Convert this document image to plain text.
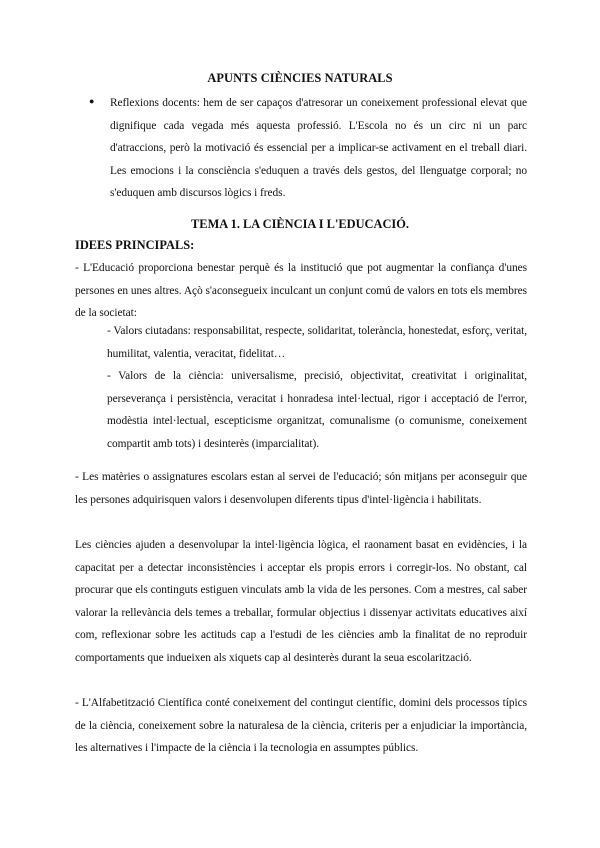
APUNTS CIÈNCIES NATURALS
● Reflexions docents: hem de ser capaços d'atresorar un coneixement professional elevat que dignifique cada vegada més aquesta professió. L'Escola no és un circ ni un parc d'atraccions, però la motivació és essencial per a implicar-se activament en el treball diari. Les emocions i la consciència s'eduquen a través dels gestos, del llenguatge corporal; no s'eduquen amb discursos lògics i freds.
TEMA 1. LA CIÈNCIA I L'EDUCACIÓ.
IDEES PRINCIPALS:

- L'Educació proporciona benestar perquè és la institució que pot augmentar la confiança d'unes persones en unes altres. Açò s'aconsegueix inculcant un conjunt comú de valors en tots els membres de la societat:

- Valors ciutadans: responsabilitat, respecte, solidaritat, tolerància, honestedat, esforç, veritat, humilitat, valentia, veracitat, fidelitat…

- Valors de la ciència: universalisme, precisió, objectivitat, creativitat i originalitat, perseverança i persistència, veracitat i honradesa intel·lectual, rigor i acceptació de l'error, modèstia intel·lectual, escepticisme organitzat, comunalisme (o comunisme, coneixement compartit amb tots) i desinterès (imparcialitat).

- Les matèries o assignatures escolars estan al servei de l'educació; són mitjans per aconseguir que les persones adquirisquen valors i desenvolupen diferents tipus d'intel·ligència i habilitats.

Les ciències ajuden a desenvolupar la intel·ligència lògica, el raonament basat en evidències, i la capacitat per a detectar inconsistències i acceptar els propis errors i corregir-los. No obstant, cal procurar que els continguts estiguen vinculats amb la vida de les persones. Com a mestres, cal saber valorar la rellevància dels temes a treballar, formular objectius i dissenyar activitats educatives així com, reflexionar sobre les actituds cap a l'estudi de les ciències amb la finalitat de no reproduir comportaments que indueixen als xiquets cap al desinterès durant la seua escolarització.

- L'Alfabetització Científica conté coneixement del contingut científic, domini dels processos típics de la ciència, coneixement sobre la naturalesa de la ciència, criteris per a enjudiciar la importància, les alternatives i l'impacte de la ciència i la tecnologia en assumptes públics.
